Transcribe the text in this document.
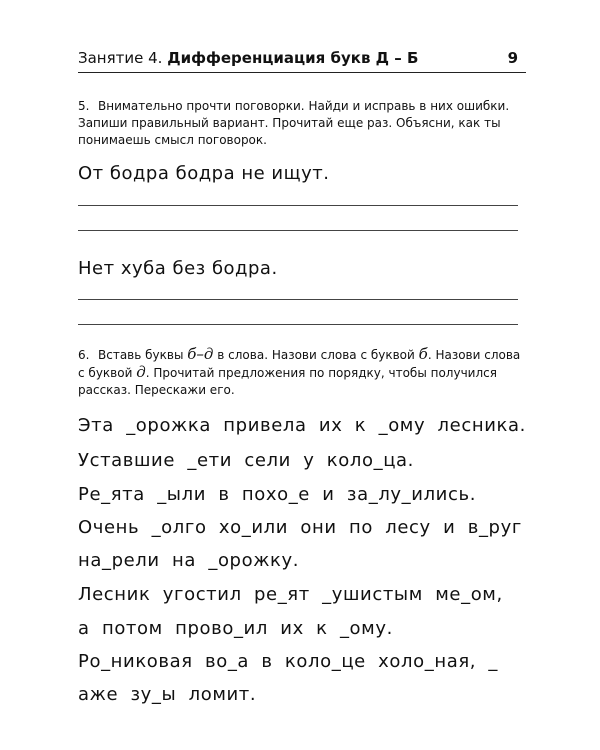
Занятие 4. Дифференциация букв Д – Б	9
5. Внимательно прочти поговорки. Найди и исправь в них ошибки. Запиши правильный вариант. Прочитай еще раз. Объясни, как ты понимаешь смысл поговорок.
От бодра бодра не ищут.
Нет хуба без бодра.
6. Вставь буквы б–д в слова. Назови слова с буквой б. Назови слова с буквой д. Прочитай предложения по порядку, чтобы получился рассказ. Перескажи его.
Эта _орожка привела их к _ому лесника.
Уставшие _ети сели у коло_ца.
Ре_ята _ыли в похо_е и за_лу_ились.
Очень _олго хо_или они по лесу и в_руг
на_рели на _орожку.
Лесник угостил ре_ят _ушистым ме_ом,
а потом прово_ил их к _ому.
Ро_никовая во_а в коло_це холо_ная, _
аже зу_ы ломит.
